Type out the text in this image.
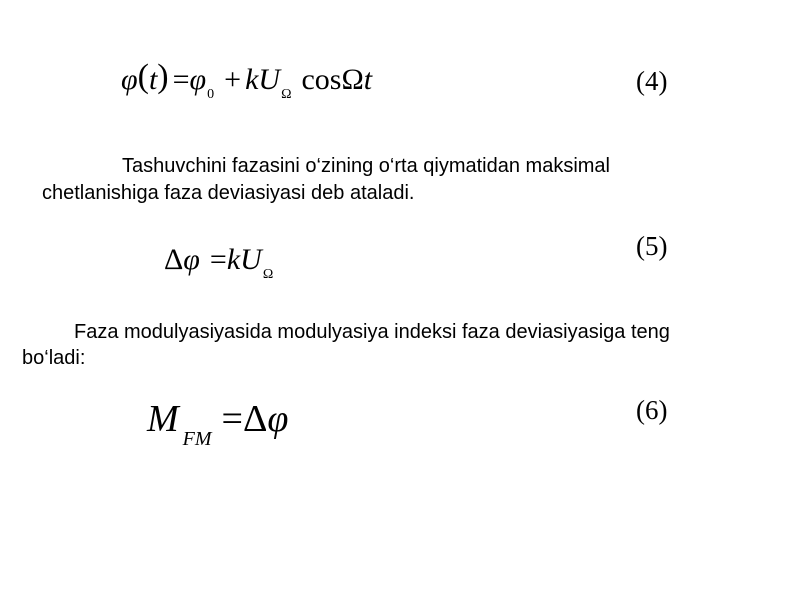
$\varphi(t) =\varphi_0 + kU_\Omega$ cosΩt	(4)
Tashuvchini fazasini o‘zining o‘rta qiymatidan maksimal
chetlanishiga faza deviasiyasi deb ataladi.
$\Delta\varphi =kU_\Omega$
(5)
Faza modulyasiyasida modulyasiya indeksi faza deviasiyasiga teng
bo‘ladi:
M $_{FM}$ =Δφ	(6)
